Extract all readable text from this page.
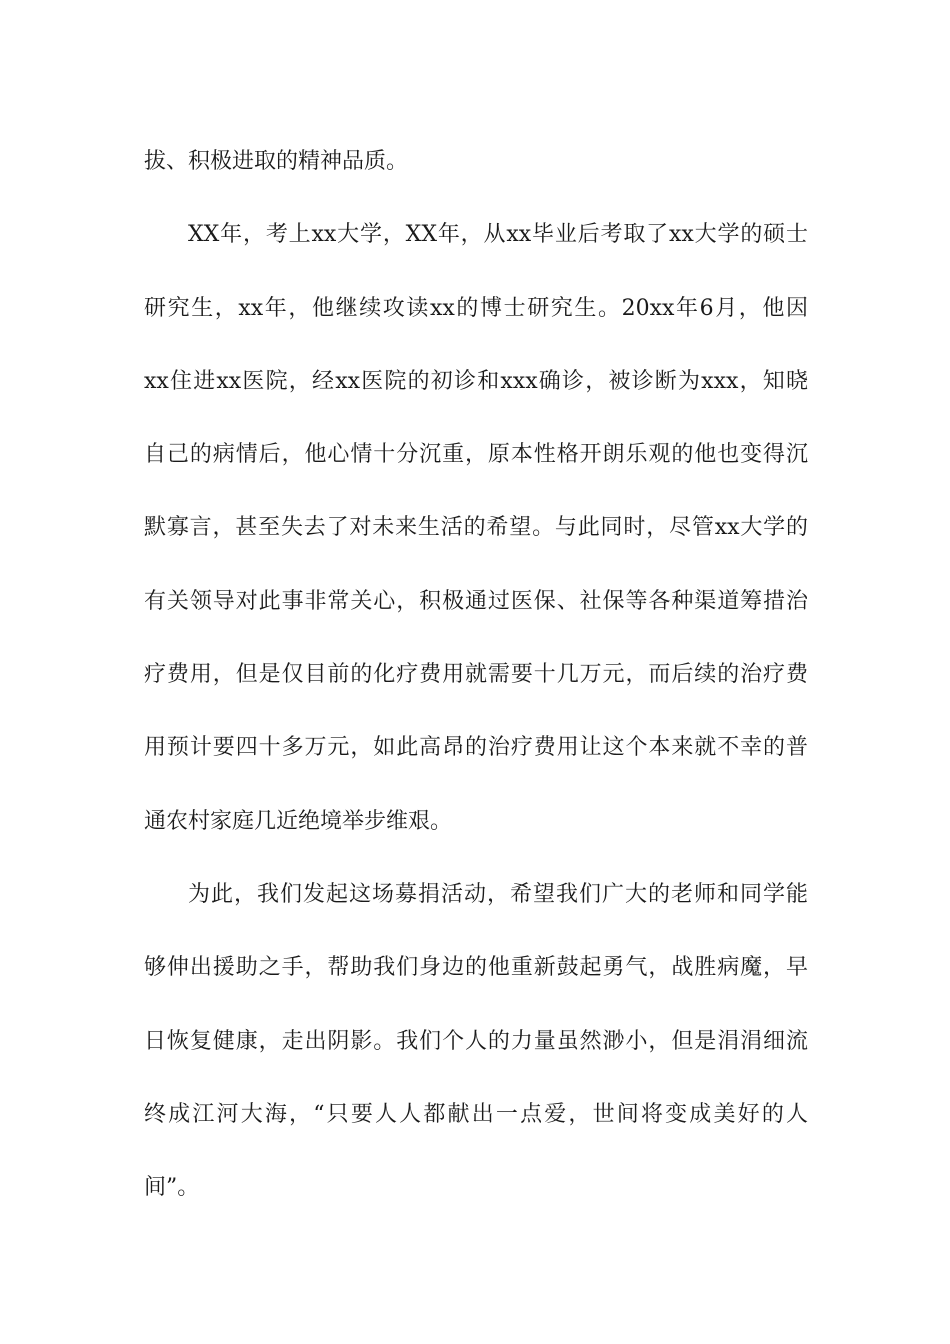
拔、积极进取的精神品质。
XX年，考上xx大学，XX年，从xx毕业后考取了xx大学的硕士
研究生，xx年，他继续攻读xx的博士研究生。20xx年6月，他因
xx住进xx医院，经xx医院的初诊和xxx确诊，被诊断为xxx，知晓
自己的病情后，他心情十分沉重，原本性格开朗乐观的他也变得沉
默寡言，甚至失去了对未来生活的希望。与此同时，尽管xx大学的
有关领导对此事非常关心，积极通过医保、社保等各种渠道筹措治
疗费用，但是仅目前的化疗费用就需要十几万元，而后续的治疗费
用预计要四十多万元，如此高昂的治疗费用让这个本来就不幸的普
通农村家庭几近绝境举步维艰。
为此，我们发起这场募捐活动，希望我们广大的老师和同学能
够伸出援助之手，帮助我们身边的他重新鼓起勇气，战胜病魔，早
日恢复健康，走出阴影。我们个人的力量虽然渺小，但是涓涓细流
终成江河大海，“只要人人都献出一点爱，世间将变成美好的人
间”。
